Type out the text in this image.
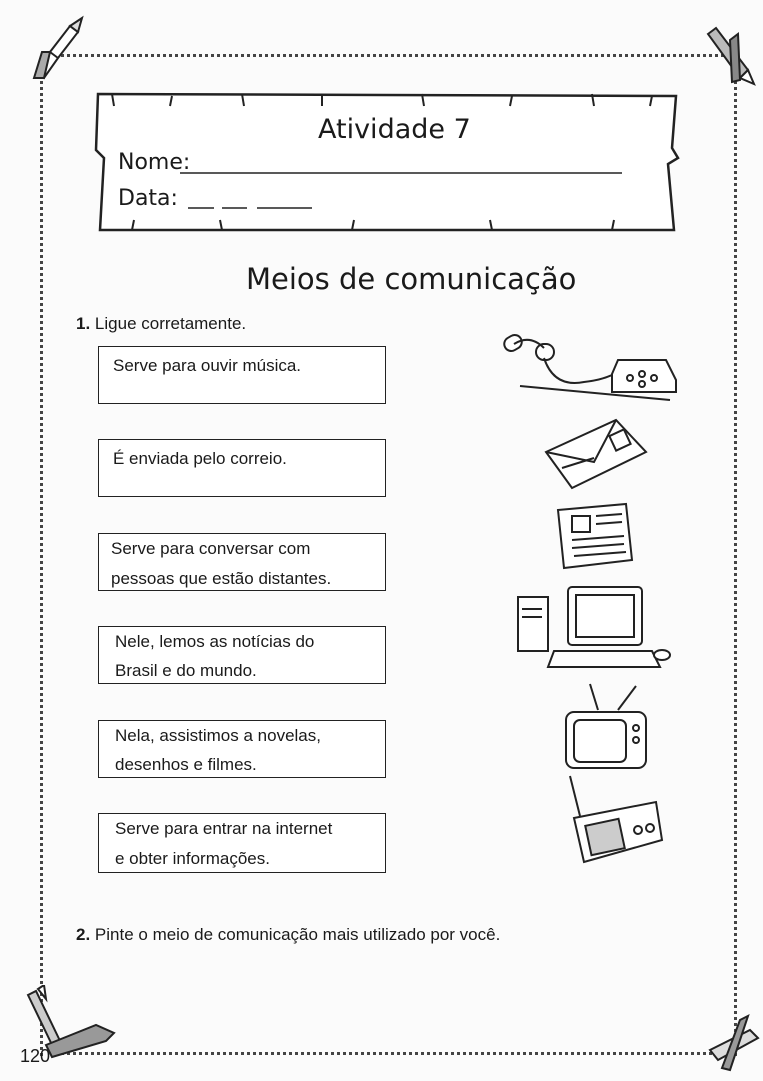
Atividade 7
Nome:
Data:
Meios de comunicação
1. Ligue corretamente.
Serve para ouvir música.
É enviada pelo correio.
Serve para conversar com
pessoas que estão distantes.
Nele, lemos as notícias do
Brasil e do mundo.
Nela, assistimos a novelas,
desenhos e filmes.
Serve para entrar na internet
e obter informações.
2. Pinte o meio de comunicação mais utilizado por você.
120
